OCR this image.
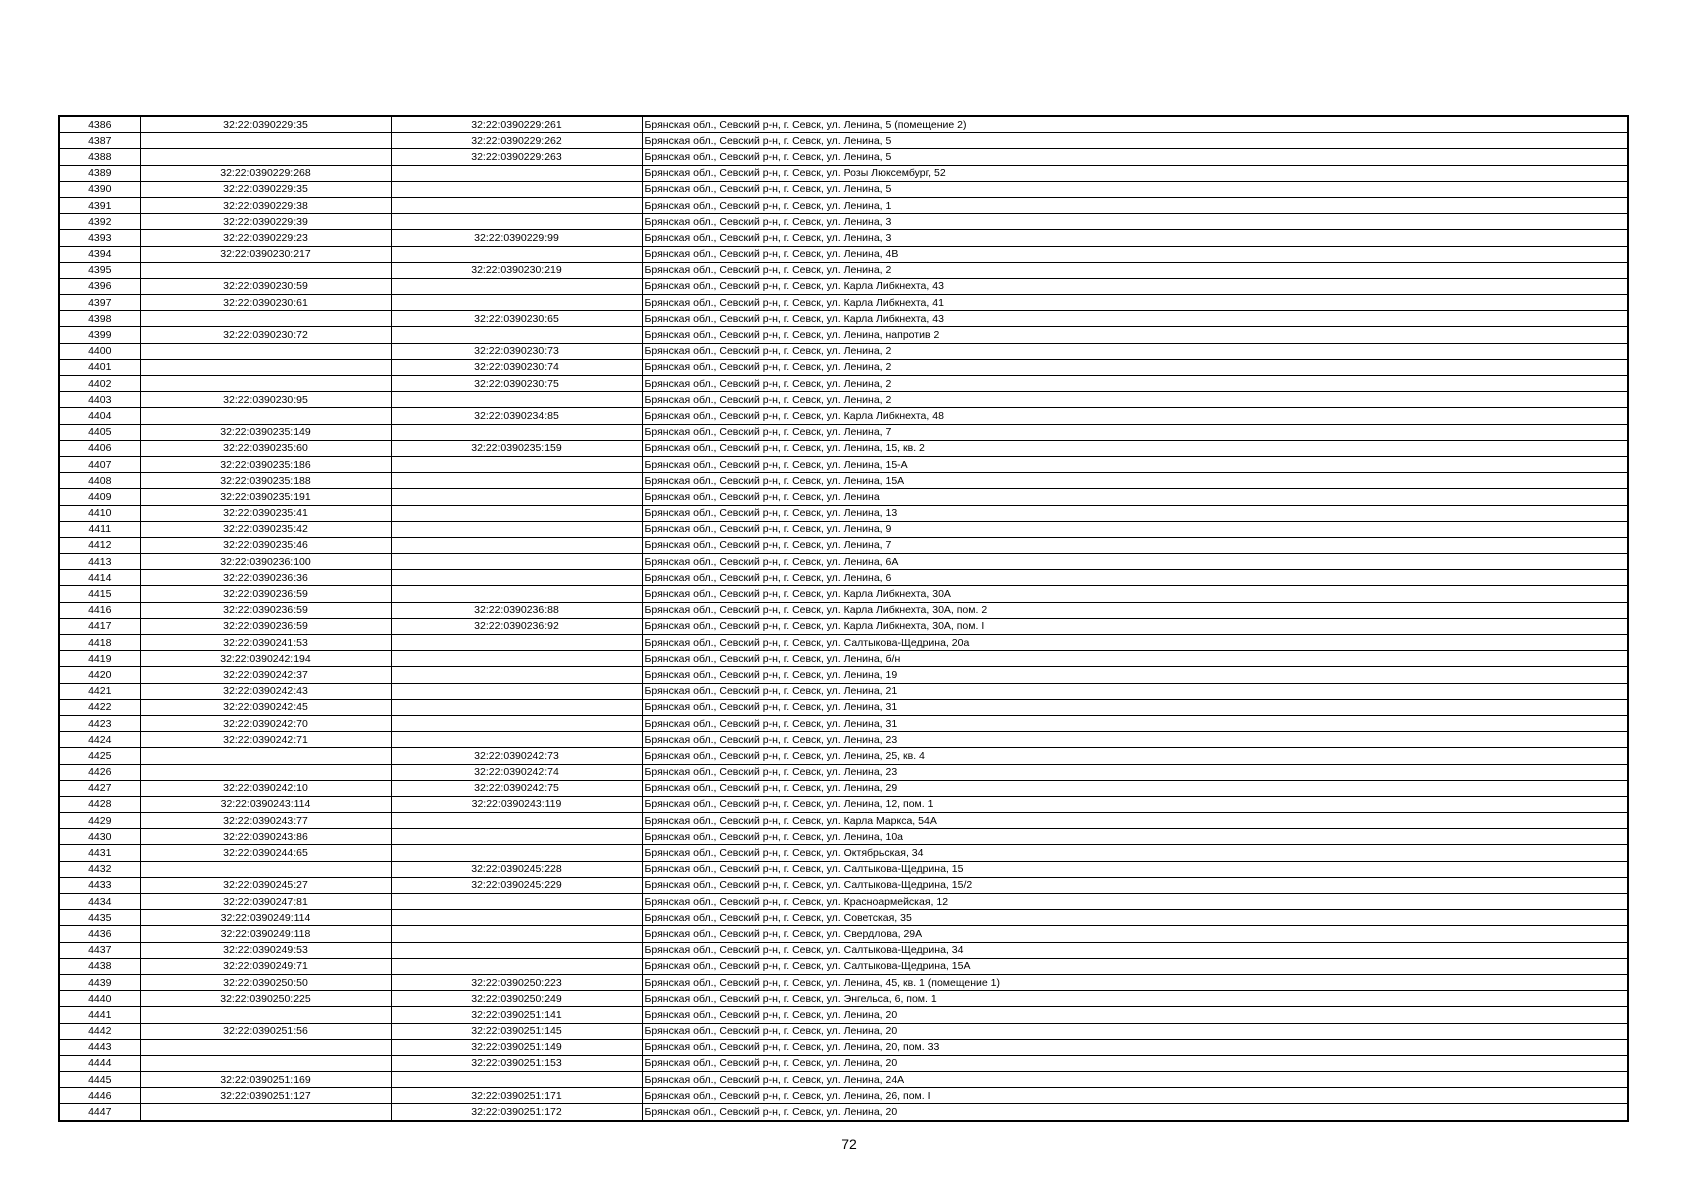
4386	32:22:0390229:35	32:22:0390229:261	Брянская обл., Севский р-н, г. Севск, ул. Ленина, 5 (помещение 2)
4387		32:22:0390229:262	Брянская обл., Севский р-н, г. Севск, ул. Ленина, 5
4388		32:22:0390229:263	Брянская обл., Севский р-н, г. Севск, ул. Ленина, 5
4389	32:22:0390229:268		Брянская обл., Севский р-н, г. Севск, ул. Розы Люксембург, 52
4390	32:22:0390229:35		Брянская обл., Севский р-н, г. Севск, ул. Ленина, 5
4391	32:22:0390229:38		Брянская обл., Севский р-н, г. Севск, ул. Ленина, 1
4392	32:22:0390229:39		Брянская обл., Севский р-н, г. Севск, ул. Ленина, 3
4393	32:22:0390229:23	32:22:0390229:99	Брянская обл., Севский р-н, г. Севск, ул. Ленина, 3
4394	32:22:0390230:217		Брянская обл., Севский р-н, г. Севск, ул. Ленина, 4В
4395		32:22:0390230:219	Брянская обл., Севский р-н, г. Севск, ул. Ленина, 2
4396	32:22:0390230:59		Брянская обл., Севский р-н, г. Севск, ул. Карла Либкнехта, 43
4397	32:22:0390230:61		Брянская обл., Севский р-н, г. Севск, ул. Карла Либкнехта, 41
4398		32:22:0390230:65	Брянская обл., Севский р-н, г. Севск, ул. Карла Либкнехта, 43
4399	32:22:0390230:72		Брянская обл., Севский р-н, г. Севск, ул. Ленина, напротив 2
4400		32:22:0390230:73	Брянская обл., Севский р-н, г. Севск, ул. Ленина, 2
4401		32:22:0390230:74	Брянская обл., Севский р-н, г. Севск, ул. Ленина, 2
4402		32:22:0390230:75	Брянская обл., Севский р-н, г. Севск, ул. Ленина, 2
4403	32:22:0390230:95		Брянская обл., Севский р-н, г. Севск, ул. Ленина, 2
4404		32:22:0390234:85	Брянская обл., Севский р-н, г. Севск, ул. Карла Либкнехта, 48
4405	32:22:0390235:149		Брянская обл., Севский р-н, г. Севск, ул. Ленина, 7
4406	32:22:0390235:60	32:22:0390235:159	Брянская обл., Севский р-н, г. Севск, ул. Ленина, 15, кв. 2
4407	32:22:0390235:186		Брянская обл., Севский р-н, г. Севск, ул. Ленина, 15-А
4408	32:22:0390235:188		Брянская обл., Севский р-н, г. Севск, ул. Ленина, 15А
4409	32:22:0390235:191		Брянская обл., Севский р-н, г. Севск, ул. Ленина
4410	32:22:0390235:41		Брянская обл., Севский р-н, г. Севск, ул. Ленина, 13
4411	32:22:0390235:42		Брянская обл., Севский р-н, г. Севск, ул. Ленина, 9
4412	32:22:0390235:46		Брянская обл., Севский р-н, г. Севск, ул. Ленина, 7
4413	32:22:0390236:100		Брянская обл., Севский р-н, г. Севск, ул. Ленина, 6А
4414	32:22:0390236:36		Брянская обл., Севский р-н, г. Севск, ул. Ленина, 6
4415	32:22:0390236:59		Брянская обл., Севский р-н, г. Севск, ул. Карла Либкнехта, 30А
4416	32:22:0390236:59	32:22:0390236:88	Брянская обл., Севский р-н, г. Севск, ул. Карла Либкнехта, 30А, пом. 2
4417	32:22:0390236:59	32:22:0390236:92	Брянская обл., Севский р-н, г. Севск, ул. Карла Либкнехта, 30А, пом. I
4418	32:22:0390241:53		Брянская обл., Севский р-н, г. Севск, ул. Салтыкова-Щедрина, 20а
4419	32:22:0390242:194		Брянская обл., Севский р-н, г. Севск, ул. Ленина, б/н
4420	32:22:0390242:37		Брянская обл., Севский р-н, г. Севск, ул. Ленина, 19
4421	32:22:0390242:43		Брянская обл., Севский р-н, г. Севск, ул. Ленина, 21
4422	32:22:0390242:45		Брянская обл., Севский р-н, г. Севск, ул. Ленина, 31
4423	32:22:0390242:70		Брянская обл., Севский р-н, г. Севск, ул. Ленина, 31
4424	32:22:0390242:71		Брянская обл., Севский р-н, г. Севск, ул. Ленина, 23
4425		32:22:0390242:73	Брянская обл., Севский р-н, г. Севск, ул. Ленина, 25, кв. 4
4426		32:22:0390242:74	Брянская обл., Севский р-н, г. Севск, ул. Ленина, 23
4427	32:22:0390242:10	32:22:0390242:75	Брянская обл., Севский р-н, г. Севск, ул. Ленина, 29
4428	32:22:0390243:114	32:22:0390243:119	Брянская обл., Севский р-н, г. Севск, ул. Ленина, 12, пом. 1
4429	32:22:0390243:77		Брянская обл., Севский р-н, г. Севск, ул. Карла Маркса, 54А
4430	32:22:0390243:86		Брянская обл., Севский р-н, г. Севск, ул. Ленина, 10а
4431	32:22:0390244:65		Брянская обл., Севский р-н, г. Севск, ул. Октябрьская, 34
4432		32:22:0390245:228	Брянская обл., Севский р-н, г. Севск, ул. Салтыкова-Щедрина, 15
4433	32:22:0390245:27	32:22:0390245:229	Брянская обл., Севский р-н, г. Севск, ул. Салтыкова-Щедрина, 15/2
4434	32:22:0390247:81		Брянская обл., Севский р-н, г. Севск, ул. Красноармейская, 12
4435	32:22:0390249:114		Брянская обл., Севский р-н, г. Севск, ул. Советская, 35
4436	32:22:0390249:118		Брянская обл., Севский р-н, г. Севск, ул. Свердлова, 29А
4437	32:22:0390249:53		Брянская обл., Севский р-н, г. Севск, ул. Салтыкова-Щедрина, 34
4438	32:22:0390249:71		Брянская обл., Севский р-н, г. Севск, ул. Салтыкова-Щедрина, 15А
4439	32:22:0390250:50	32:22:0390250:223	Брянская обл., Севский р-н, г. Севск, ул. Ленина, 45, кв. 1 (помещение 1)
4440	32:22:0390250:225	32:22:0390250:249	Брянская обл., Севский р-н, г. Севск, ул. Энгельса, 6, пом. 1
4441		32:22:0390251:141	Брянская обл., Севский р-н, г. Севск, ул. Ленина, 20
4442	32:22:0390251:56	32:22:0390251:145	Брянская обл., Севский р-н, г. Севск, ул. Ленина, 20
4443		32:22:0390251:149	Брянская обл., Севский р-н, г. Севск, ул. Ленина, 20, пом. 33
4444		32:22:0390251:153	Брянская обл., Севский р-н, г. Севск, ул. Ленина, 20
4445	32:22:0390251:169		Брянская обл., Севский р-н, г. Севск, ул. Ленина, 24А
4446	32:22:0390251:127	32:22:0390251:171	Брянская обл., Севский р-н, г. Севск, ул. Ленина, 26, пом. I
4447		32:22:0390251:172	Брянская обл., Севский р-н, г. Севск, ул. Ленина, 20
72
